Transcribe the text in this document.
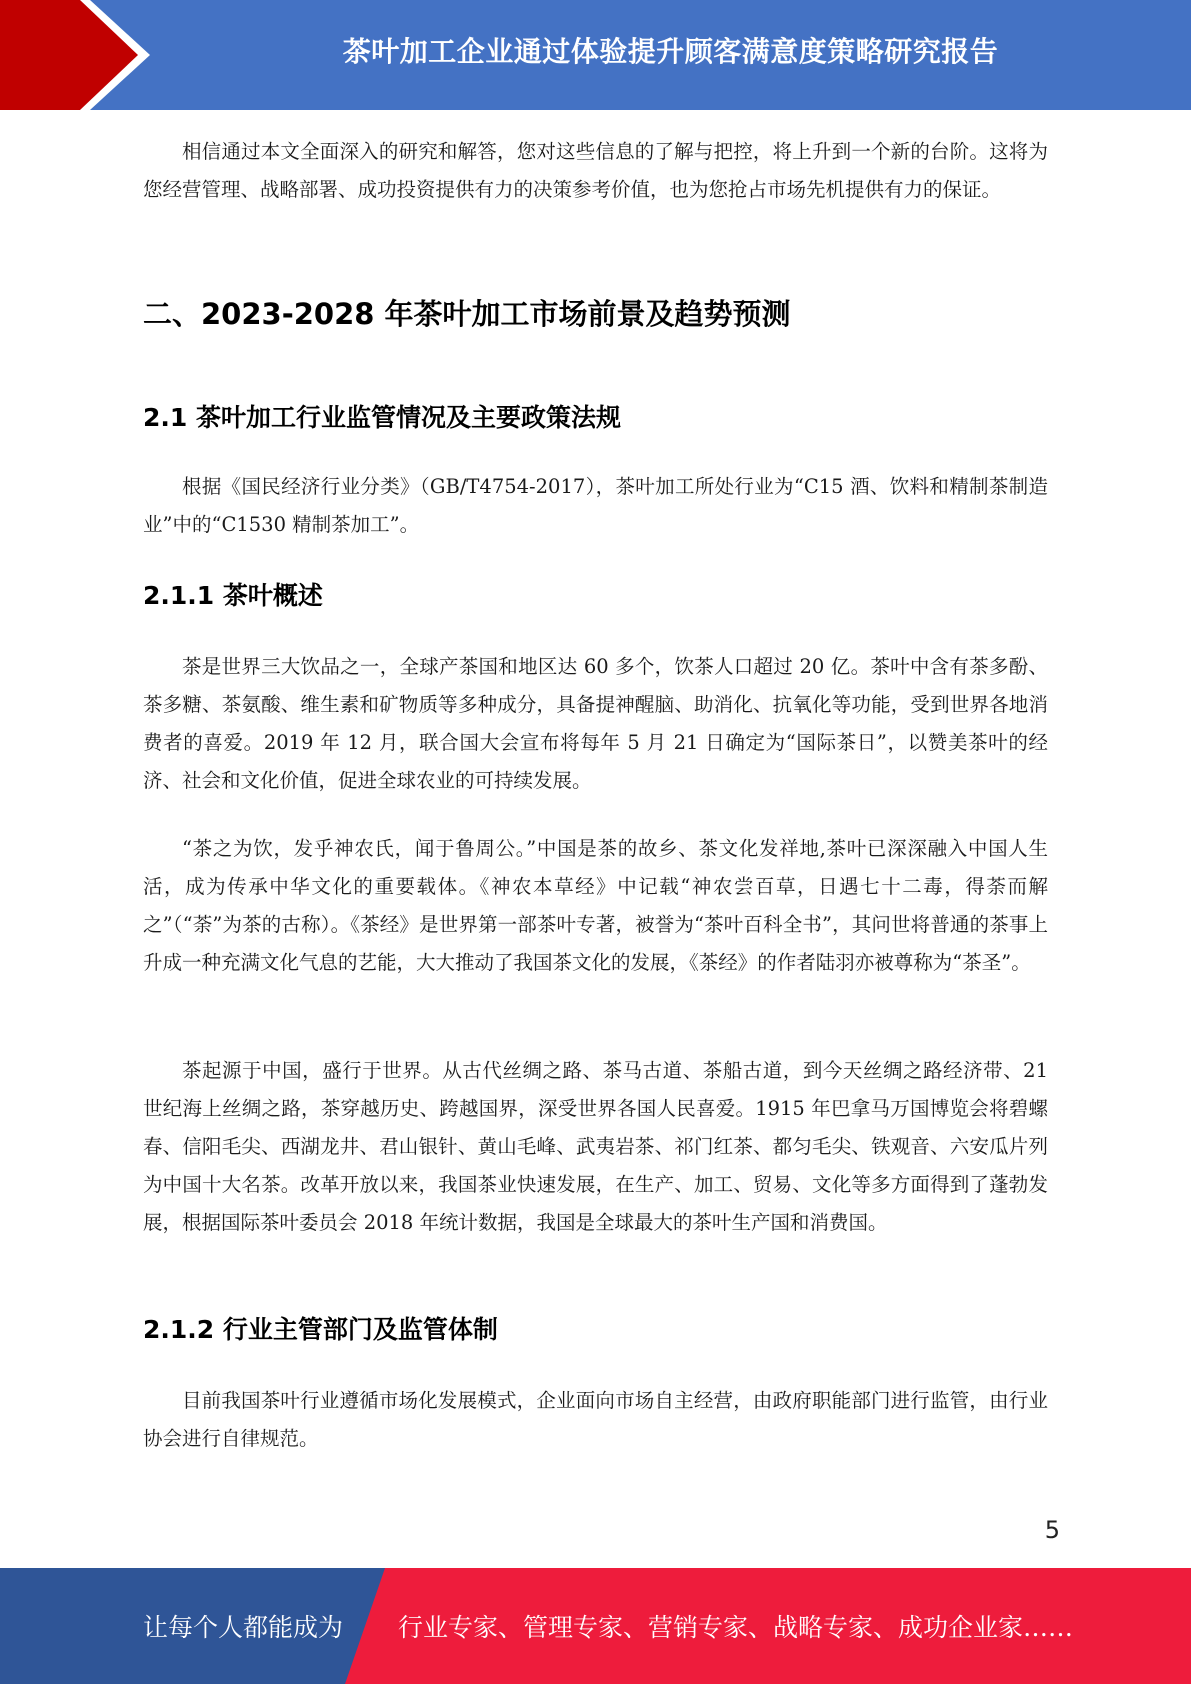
茶叶加工企业通过体验提升顾客满意度策略研究报告

相信通过本文全面深入的研究和解答，您对这些信息的了解与把控，将上升到一个新的台阶。这将为您经营管理、战略部署、成功投资提供有力的决策参考价值，也为您抢占市场先机提供有力的保证。

二、2023-2028 年茶叶加工市场前景及趋势预测
2.1 茶叶加工行业监管情况及主要政策法规

根据《国民经济行业分类》（GB/T4754-2017），茶叶加工所处行业为“C15 酒、饮料和精制茶制造业”中的“C1530 精制茶加工”。

2.1.1 茶叶概述

茶是世界三大饮品之一，全球产茶国和地区达 60 多个，饮茶人口超过 20 亿。茶叶中含有茶多酚、茶多糖、茶氨酸、维生素和矿物质等多种成分，具备提神醒脑、助消化、抗氧化等功能，受到世界各地消费者的喜爱。2019 年 12 月，联合国大会宣布将每年 5 月 21 日确定为“国际茶日”，以赞美茶叶的经济、社会和文化价值，促进全球农业的可持续发展。

“茶之为饮，发乎神农氏，闻于鲁周公。”中国是茶的故乡、茶文化发祥地,茶叶已深深融入中国人生活，成为传承中华文化的重要载体。《神农本草经》中记载“神农尝百草，日遇七十二毒，得荼而解之”（“荼”为茶的古称）。《茶经》是世界第一部茶叶专著，被誉为“茶叶百科全书”，其问世将普通的茶事上升成一种充满文化气息的艺能，大大推动了我国茶文化的发展，《茶经》的作者陆羽亦被尊称为“茶圣”。

茶起源于中国，盛行于世界。从古代丝绸之路、茶马古道、茶船古道，到今天丝绸之路经济带、21 世纪海上丝绸之路，茶穿越历史、跨越国界，深受世界各国人民喜爱。1915 年巴拿马万国博览会将碧螺春、信阳毛尖、西湖龙井、君山银针、黄山毛峰、武夷岩茶、祁门红茶、都匀毛尖、铁观音、六安瓜片列为中国十大名茶。改革开放以来，我国茶业快速发展，在生产、加工、贸易、文化等多方面得到了蓬勃发展，根据国际茶叶委员会 2018 年统计数据，我国是全球最大的茶叶生产国和消费国。

2.1.2 行业主管部门及监管体制

目前我国茶叶行业遵循市场化发展模式，企业面向市场自主经营，由政府职能部门进行监管，由行业协会进行自律规范。

5
让每个人都能成为 行业专家、管理专家、营销专家、战略专家、成功企业家……
